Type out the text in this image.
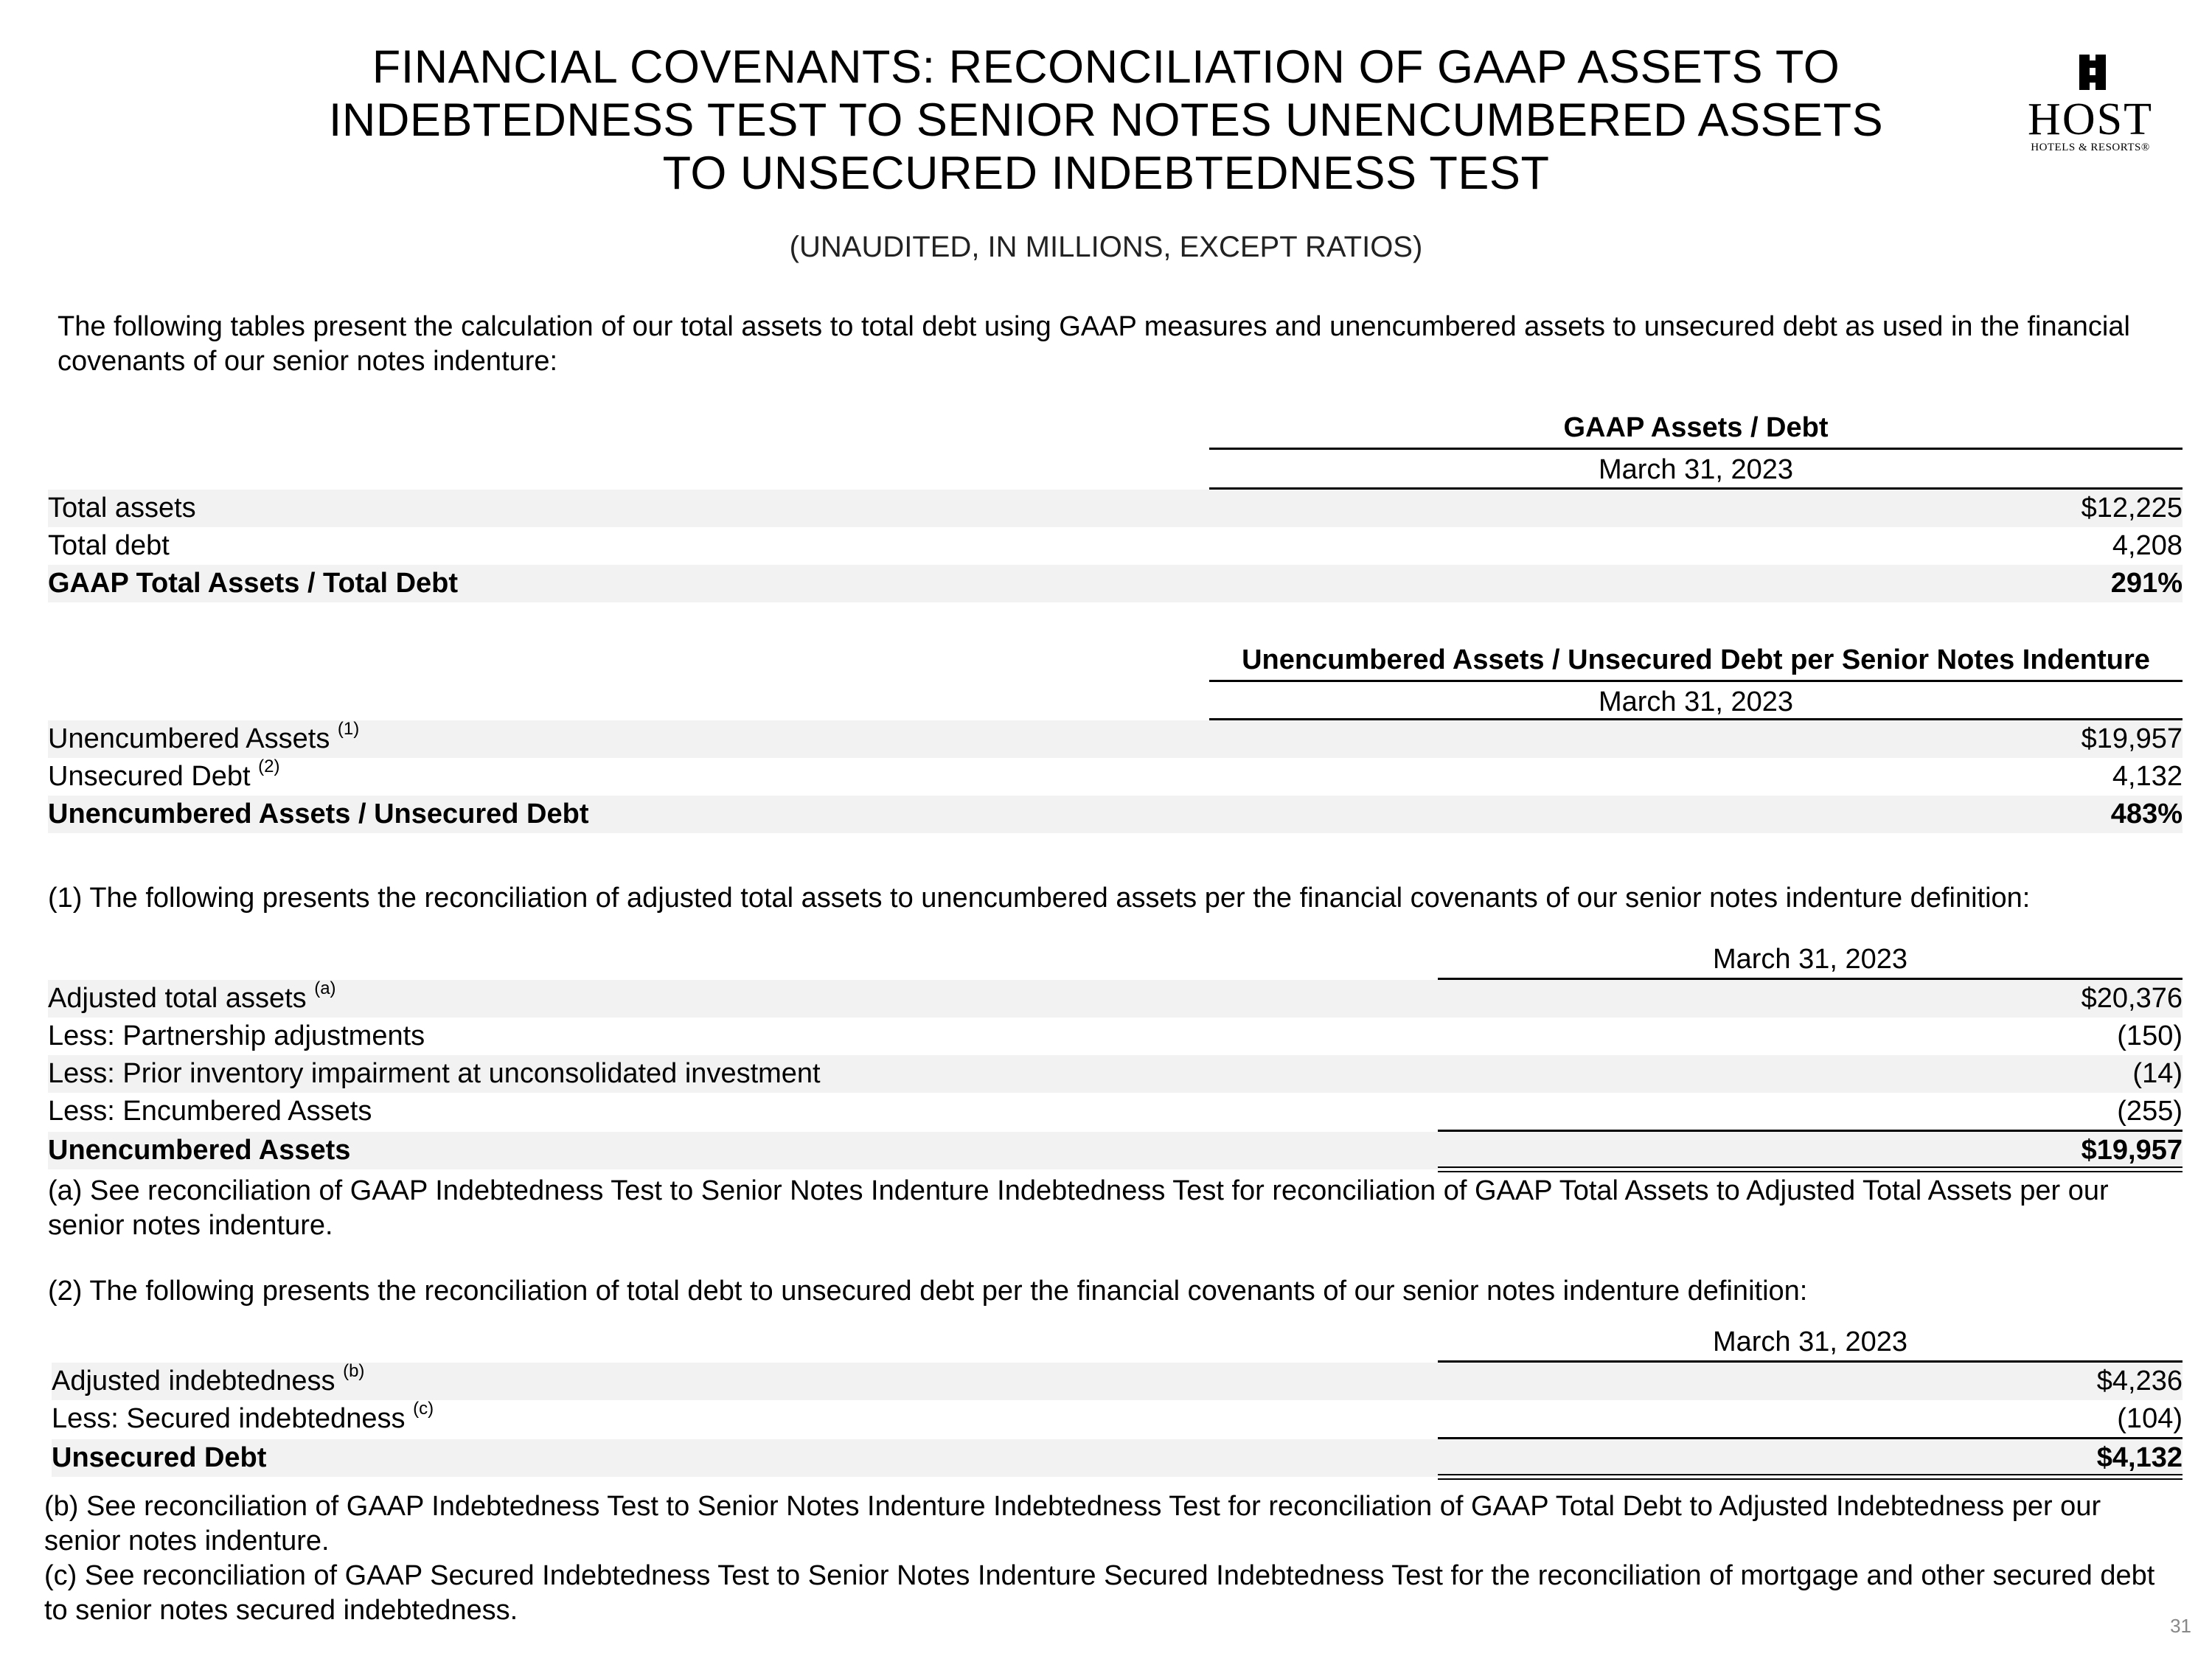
FINANCIAL COVENANTS: RECONCILIATION OF GAAP ASSETS TO
INDEBTEDNESS TEST TO SENIOR NOTES UNENCUMBERED ASSETS
TO UNSECURED INDEBTEDNESS TEST
(UNAUDITED, IN MILLIONS, EXCEPT RATIOS)
HOST
HOTELS & RESORTS®
The following tables present the calculation of our total assets to total debt using GAAP measures and unencumbered assets to unsecured debt as used in the financial covenants of our senior notes indenture:
GAAP Assets / Debt
March 31, 2023
Total assets	$12,225
Total debt	4,208
GAAP Total Assets / Total Debt	291%
Unencumbered Assets / Unsecured Debt per Senior Notes Indenture
March 31, 2023
Unencumbered Assets $^{(1)}$	$19,957
Unsecured Debt $^{(2)}$	4,132
Unencumbered Assets / Unsecured Debt	483%
(1) The following presents the reconciliation of adjusted total assets to unencumbered assets per the financial covenants of our senior notes indenture definition:
March 31, 2023
Adjusted total assets $^{(a)}$	$20,376
Less: Partnership adjustments	(150)
Less: Prior inventory impairment at unconsolidated investment	(14)
Less: Encumbered Assets	(255)
Unencumbered Assets	$19,957
(a) See reconciliation of GAAP Indebtedness Test to Senior Notes Indenture Indebtedness Test for reconciliation of GAAP Total Assets to Adjusted Total Assets per our senior notes indenture.
(2) The following presents the reconciliation of total debt to unsecured debt per the financial covenants of our senior notes indenture definition:
March 31, 2023
Adjusted indebtedness $^{(b)}$	$4,236
Less: Secured indebtedness $^{(c)}$	(104)
Unsecured Debt	$4,132
(b) See reconciliation of GAAP Indebtedness Test to Senior Notes Indenture Indebtedness Test for reconciliation of GAAP Total Debt to Adjusted Indebtedness per our senior notes indenture.
(c) See reconciliation of GAAP Secured Indebtedness Test to Senior Notes Indenture Secured Indebtedness Test for the reconciliation of mortgage and other secured debt to senior notes secured indebtedness.	31
